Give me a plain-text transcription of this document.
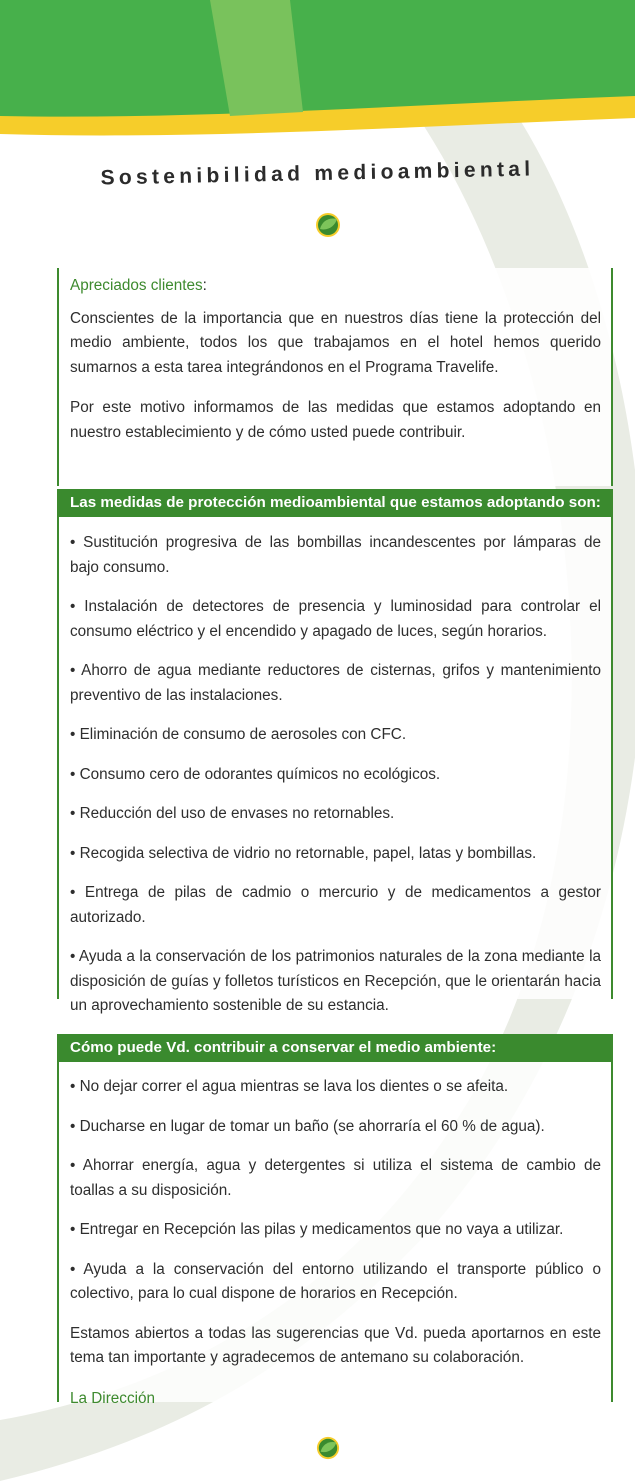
Sostenibilidad medioambiental

Apreciados clientes:

Conscientes de la importancia que en nuestros días tiene la protección del medio ambiente, todos los que trabajamos en el hotel hemos querido sumarnos a esta tarea integrándonos en el Programa Travelife.

Por este motivo informamos de las medidas que estamos adoptando en nuestro establecimiento y de cómo usted puede contribuir.

Las medidas de protección medioambiental que estamos adoptando son:

• Sustitución progresiva de las bombillas incandescentes por lámparas de bajo consumo.

• Instalación de detectores de presencia y luminosidad para controlar el consumo eléctrico y el encendido y apagado de luces, según horarios.

• Ahorro de agua mediante reductores de cisternas, grifos y mantenimiento preventivo de las instalaciones.

• Eliminación de consumo de aerosoles con CFC.

• Consumo cero de odorantes químicos no ecológicos.

• Reducción del uso de envases no retornables.

• Recogida selectiva de vidrio no retornable, papel, latas y bombillas.

• Entrega de pilas de cadmio o mercurio y de medicamentos a gestor autorizado.

• Ayuda a la conservación de los patrimonios naturales de la zona mediante la disposición de guías y folletos turísticos en Recepción, que le orientarán hacia un aprovechamiento sostenible de su estancia.

Cómo puede Vd. contribuir a conservar el medio ambiente:

• No dejar correr el agua mientras se lava los dientes o se afeita.

• Ducharse en lugar de tomar un baño (se ahorraría el 60 % de agua).

• Ahorrar energía, agua y detergentes si utiliza el sistema de cambio de toallas a su disposición.

• Entregar en Recepción las pilas y medicamentos que no vaya a utilizar.

• Ayuda a la conservación del entorno utilizando el transporte público o colectivo, para lo cual dispone de horarios en Recepción.

Estamos abiertos a todas las sugerencias que Vd. pueda aportarnos en este tema tan importante y agradecemos de antemano su colaboración.

La Dirección
